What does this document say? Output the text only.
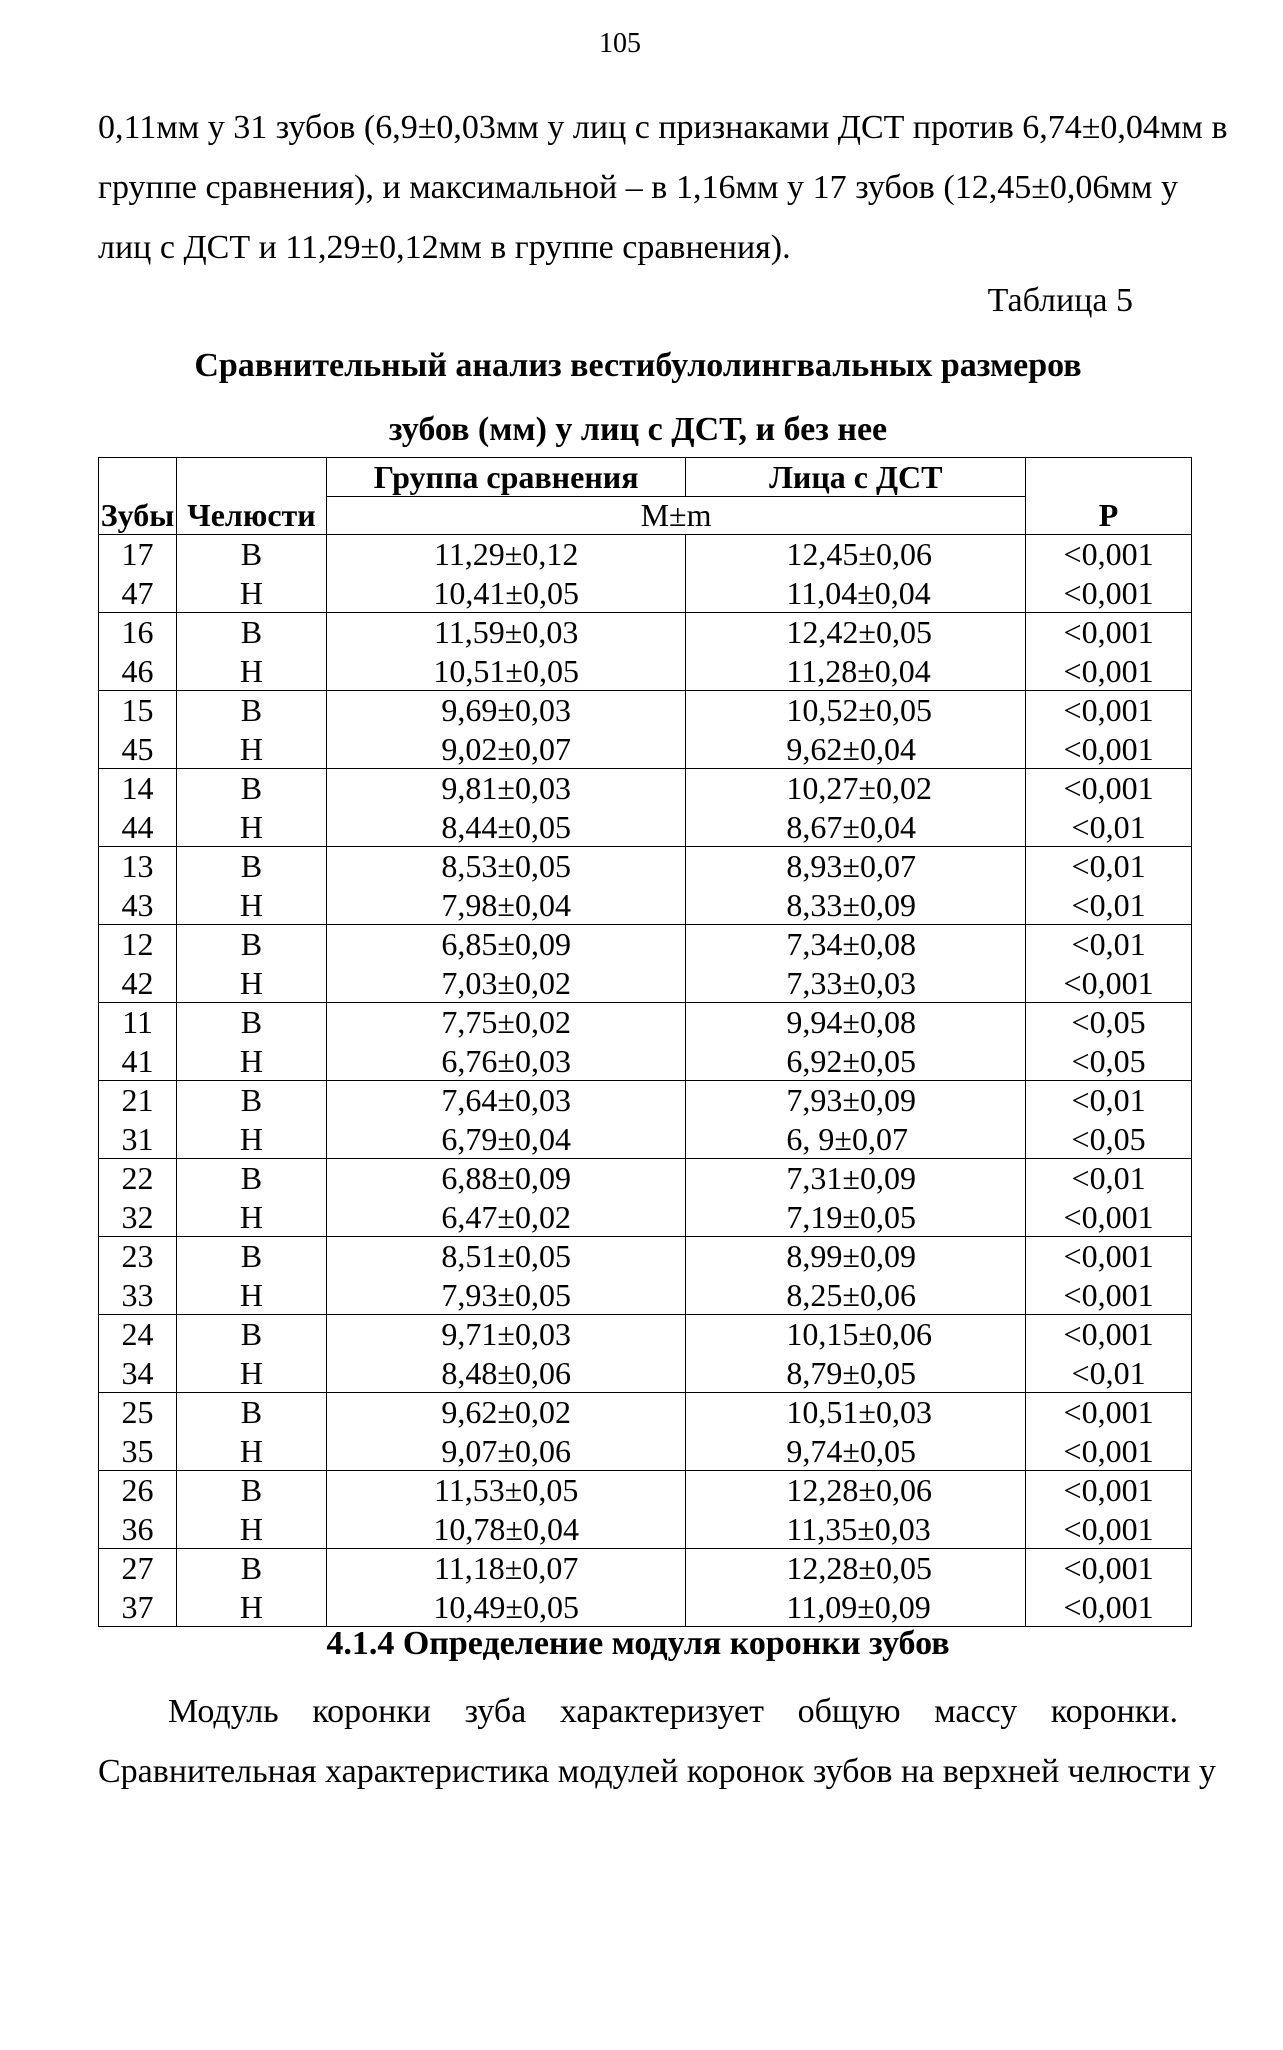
105
0,11мм у 31 зубов (6,9±0,03мм у лиц с признаками ДСТ против 6,74±0,04мм в
группе сравнения), и максимальной – в 1,16мм у 17 зубов (12,45±0,06мм у
лиц с ДСТ и 11,29±0,12мм в группе сравнения).
Таблица 5
Сравнительный анализ вестибулолингвальных размеров
зубов (мм) у лиц с ДСТ, и без нее
Зубы	Челюсти	Группа сравнения	Лица с ДСТ	P
		M±m		
17	В	11,29±0,12	12,45±0,06	<0,001
47	Н	10,41±0,05	11,04±0,04	<0,001
16	В	11,59±0,03	12,42±0,05	<0,001
46	Н	10,51±0,05	11,28±0,04	<0,001
15	В	9,69±0,03	10,52±0,05	<0,001
45	Н	9,02±0,07	9,62±0,04	<0,001
14	В	9,81±0,03	10,27±0,02	<0,001
44	Н	8,44±0,05	8,67±0,04	<0,01
13	В	8,53±0,05	8,93±0,07	<0,01
43	Н	7,98±0,04	8,33±0,09	<0,01
12	В	6,85±0,09	7,34±0,08	<0,01
42	Н	7,03±0,02	7,33±0,03	<0,001
11	В	7,75±0,02	9,94±0,08	<0,05
41	Н	6,76±0,03	6,92±0,05	<0,05
21	В	7,64±0,03	7,93±0,09	<0,01
31	Н	6,79±0,04	6, 9±0,07	<0,05
22	В	6,88±0,09	7,31±0,09	<0,01
32	Н	6,47±0,02	7,19±0,05	<0,001
23	В	8,51±0,05	8,99±0,09	<0,001
33	Н	7,93±0,05	8,25±0,06	<0,001
24	В	9,71±0,03	10,15±0,06	<0,001
34	Н	8,48±0,06	8,79±0,05	<0,01
25	В	9,62±0,02	10,51±0,03	<0,001
35	Н	9,07±0,06	9,74±0,05	<0,001
26	В	11,53±0,05	12,28±0,06	<0,001
36	Н	10,78±0,04	11,35±0,03	<0,001
27	В	11,18±0,07	12,28±0,05	<0,001
37	Н	10,49±0,05	11,09±0,09	<0,001
4.1.4 Определение модуля коронки зубов
Модуль коронки зуба характеризует общую массу коронки.
Сравнительная характеристика модулей коронок зубов на верхней челюсти у
